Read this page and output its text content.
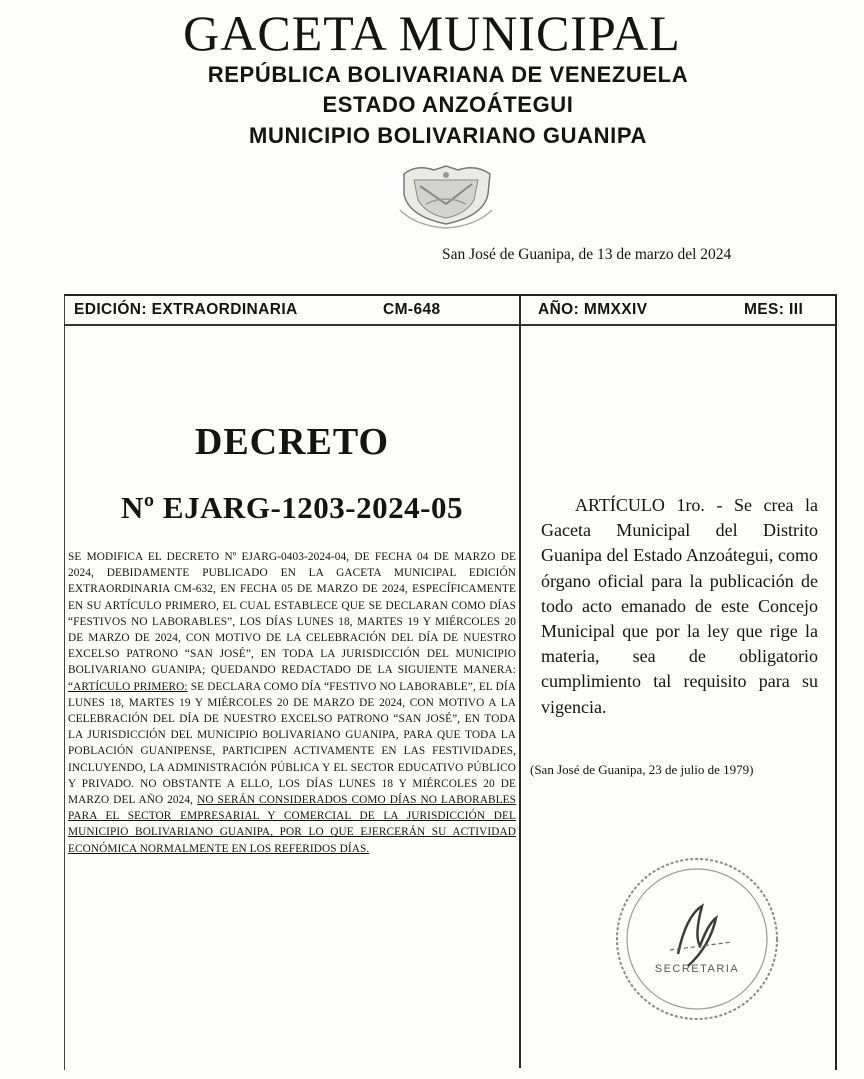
GACETA MUNICIPAL
REPÚBLICA BOLIVARIANA DE VENEZUELA
ESTADO ANZOÁTEGUI
MUNICIPIO BOLIVARIANO GUANIPA
San José de Guanipa, de 13 de marzo del 2024
EDICIÓN: EXTRAORDINARIA	CM-648	AÑO: MMXXIV	MES: III
DECRETO
Nº EJARG-1203-2024-05
SE MODIFICA EL DECRETO Nº EJARG-0403-2024-04, DE FECHA 04 DE MARZO DE 2024, DEBIDAMENTE PUBLICADO EN LA GACETA MUNICIPAL EDICIÓN EXTRAORDINARIA CM-632, EN FECHA 05 DE MARZO DE 2024, ESPECÍFICAMENTE EN SU ARTÍCULO PRIMERO, EL CUAL ESTABLECE QUE SE DECLARAN COMO DÍAS “FESTIVOS NO LABORABLES”, LOS DÍAS LUNES 18, MARTES 19 Y MIÉRCOLES 20 DE MARZO DE 2024, CON MOTIVO DE LA CELEBRACIÓN DEL DÍA DE NUESTRO EXCELSO PATRONO “SAN JOSÉ”, EN TODA LA JURISDICCIÓN DEL MUNICIPIO BOLIVARIANO GUANIPA; QUEDANDO REDACTADO DE LA SIGUIENTE MANERA: “ARTÍCULO PRIMERO: SE DECLARA COMO DÍA “FESTIVO NO LABORABLE”, EL DÍA LUNES 18, MARTES 19 Y MIÉRCOLES 20 DE MARZO DE 2024, CON MOTIVO A LA CELEBRACIÓN DEL DÍA DE NUESTRO EXCELSO PATRONO “SAN JOSÉ”, EN TODA LA JURISDICCIÓN DEL MUNICIPIO BOLIVARIANO GUANIPA, PARA QUE TODA LA POBLACIÓN GUANIPENSE, PARTICIPEN ACTIVAMENTE EN LAS FESTIVIDADES, INCLUYENDO, LA ADMINISTRACIÓN PÚBLICA Y EL SECTOR EDUCATIVO PÚBLICO Y PRIVADO. NO OBSTANTE A ELLO, LOS DÍAS LUNES 18 Y MIÉRCOLES 20 DE MARZO DEL AÑO 2024, NO SERÁN CONSIDERADOS COMO DÍAS NO LABORABLES PARA EL SECTOR EMPRESARIAL Y COMERCIAL DE LA JURISDICCIÓN DEL MUNICIPIO BOLIVARIANO GUANIPA, POR LO QUE EJERCERÁN SU ACTIVIDAD ECONÓMICA NORMALMENTE EN LOS REFERIDOS DÍAS.
ARTÍCULO 1ro. - Se crea la Gaceta Municipal del Distrito Guanipa del Estado Anzoátegui, como órgano oficial para la publicación de todo acto emanado de este Concejo Municipal que por la ley que rige la materia, sea de obligatorio cumplimiento tal requisito para su vigencia.
(San José de Guanipa, 23 de julio de 1979)
SECRETARIA
